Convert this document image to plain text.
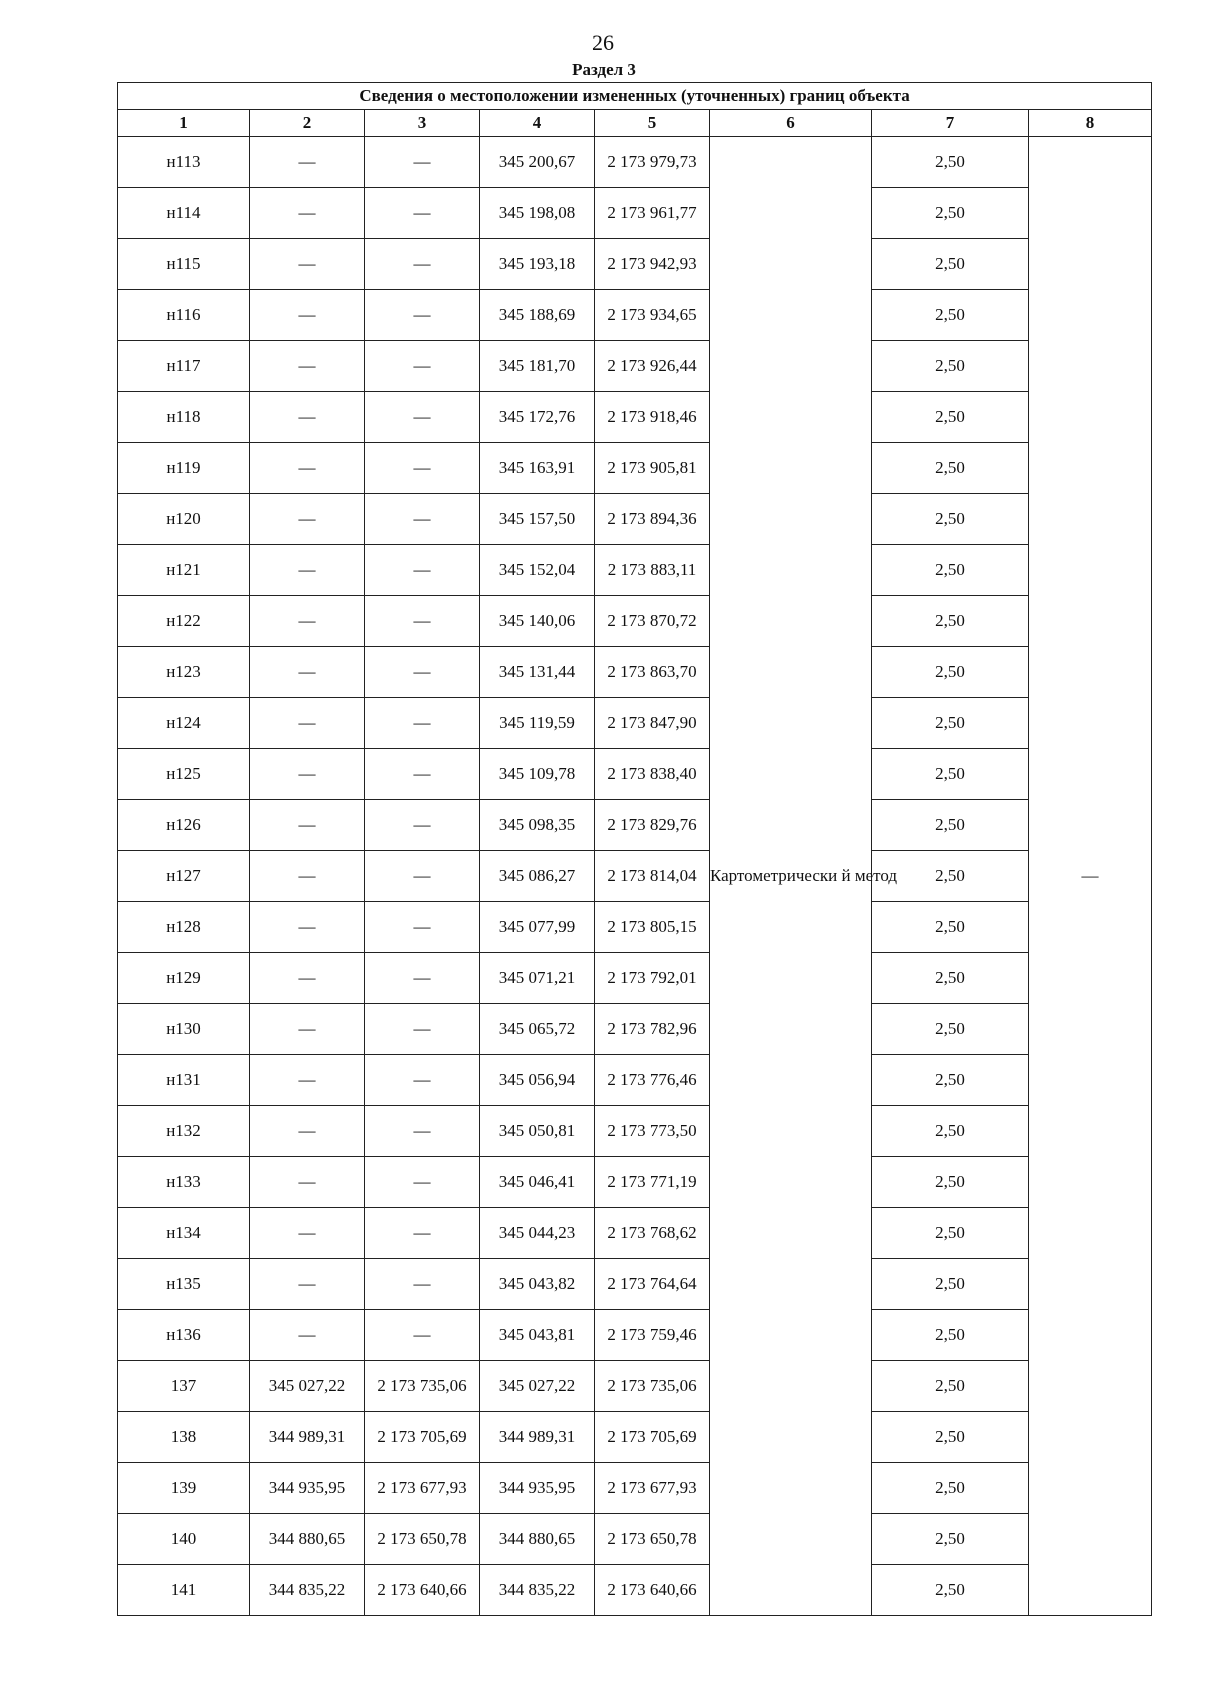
26
Раздел 3
Сведения о местоположении измененных (уточненных) границ объекта							
1	2	3	4	5	6	7	8
н113	—	—	345 200,67	2 173 979,73	Картометрически й метод	2,50	—
н114	—	—	345 198,08	2 173 961,77		2,50	
н115	—	—	345 193,18	2 173 942,93		2,50	
н116	—	—	345 188,69	2 173 934,65		2,50	
н117	—	—	345 181,70	2 173 926,44		2,50	
н118	—	—	345 172,76	2 173 918,46		2,50	
н119	—	—	345 163,91	2 173 905,81		2,50	
н120	—	—	345 157,50	2 173 894,36		2,50	
н121	—	—	345 152,04	2 173 883,11		2,50	
н122	—	—	345 140,06	2 173 870,72		2,50	
н123	—	—	345 131,44	2 173 863,70		2,50	
н124	—	—	345 119,59	2 173 847,90		2,50	
н125	—	—	345 109,78	2 173 838,40		2,50	
н126	—	—	345 098,35	2 173 829,76		2,50	
н127	—	—	345 086,27	2 173 814,04		2,50	
н128	—	—	345 077,99	2 173 805,15		2,50	
н129	—	—	345 071,21	2 173 792,01		2,50	
н130	—	—	345 065,72	2 173 782,96		2,50	
н131	—	—	345 056,94	2 173 776,46		2,50	
н132	—	—	345 050,81	2 173 773,50		2,50	
н133	—	—	345 046,41	2 173 771,19		2,50	
н134	—	—	345 044,23	2 173 768,62		2,50	
н135	—	—	345 043,82	2 173 764,64		2,50	
н136	—	—	345 043,81	2 173 759,46		2,50	
137	345 027,22	2 173 735,06	345 027,22	2 173 735,06		2,50	
138	344 989,31	2 173 705,69	344 989,31	2 173 705,69		2,50	
139	344 935,95	2 173 677,93	344 935,95	2 173 677,93		2,50	
140	344 880,65	2 173 650,78	344 880,65	2 173 650,78		2,50	
141	344 835,22	2 173 640,66	344 835,22	2 173 640,66		2,50	
